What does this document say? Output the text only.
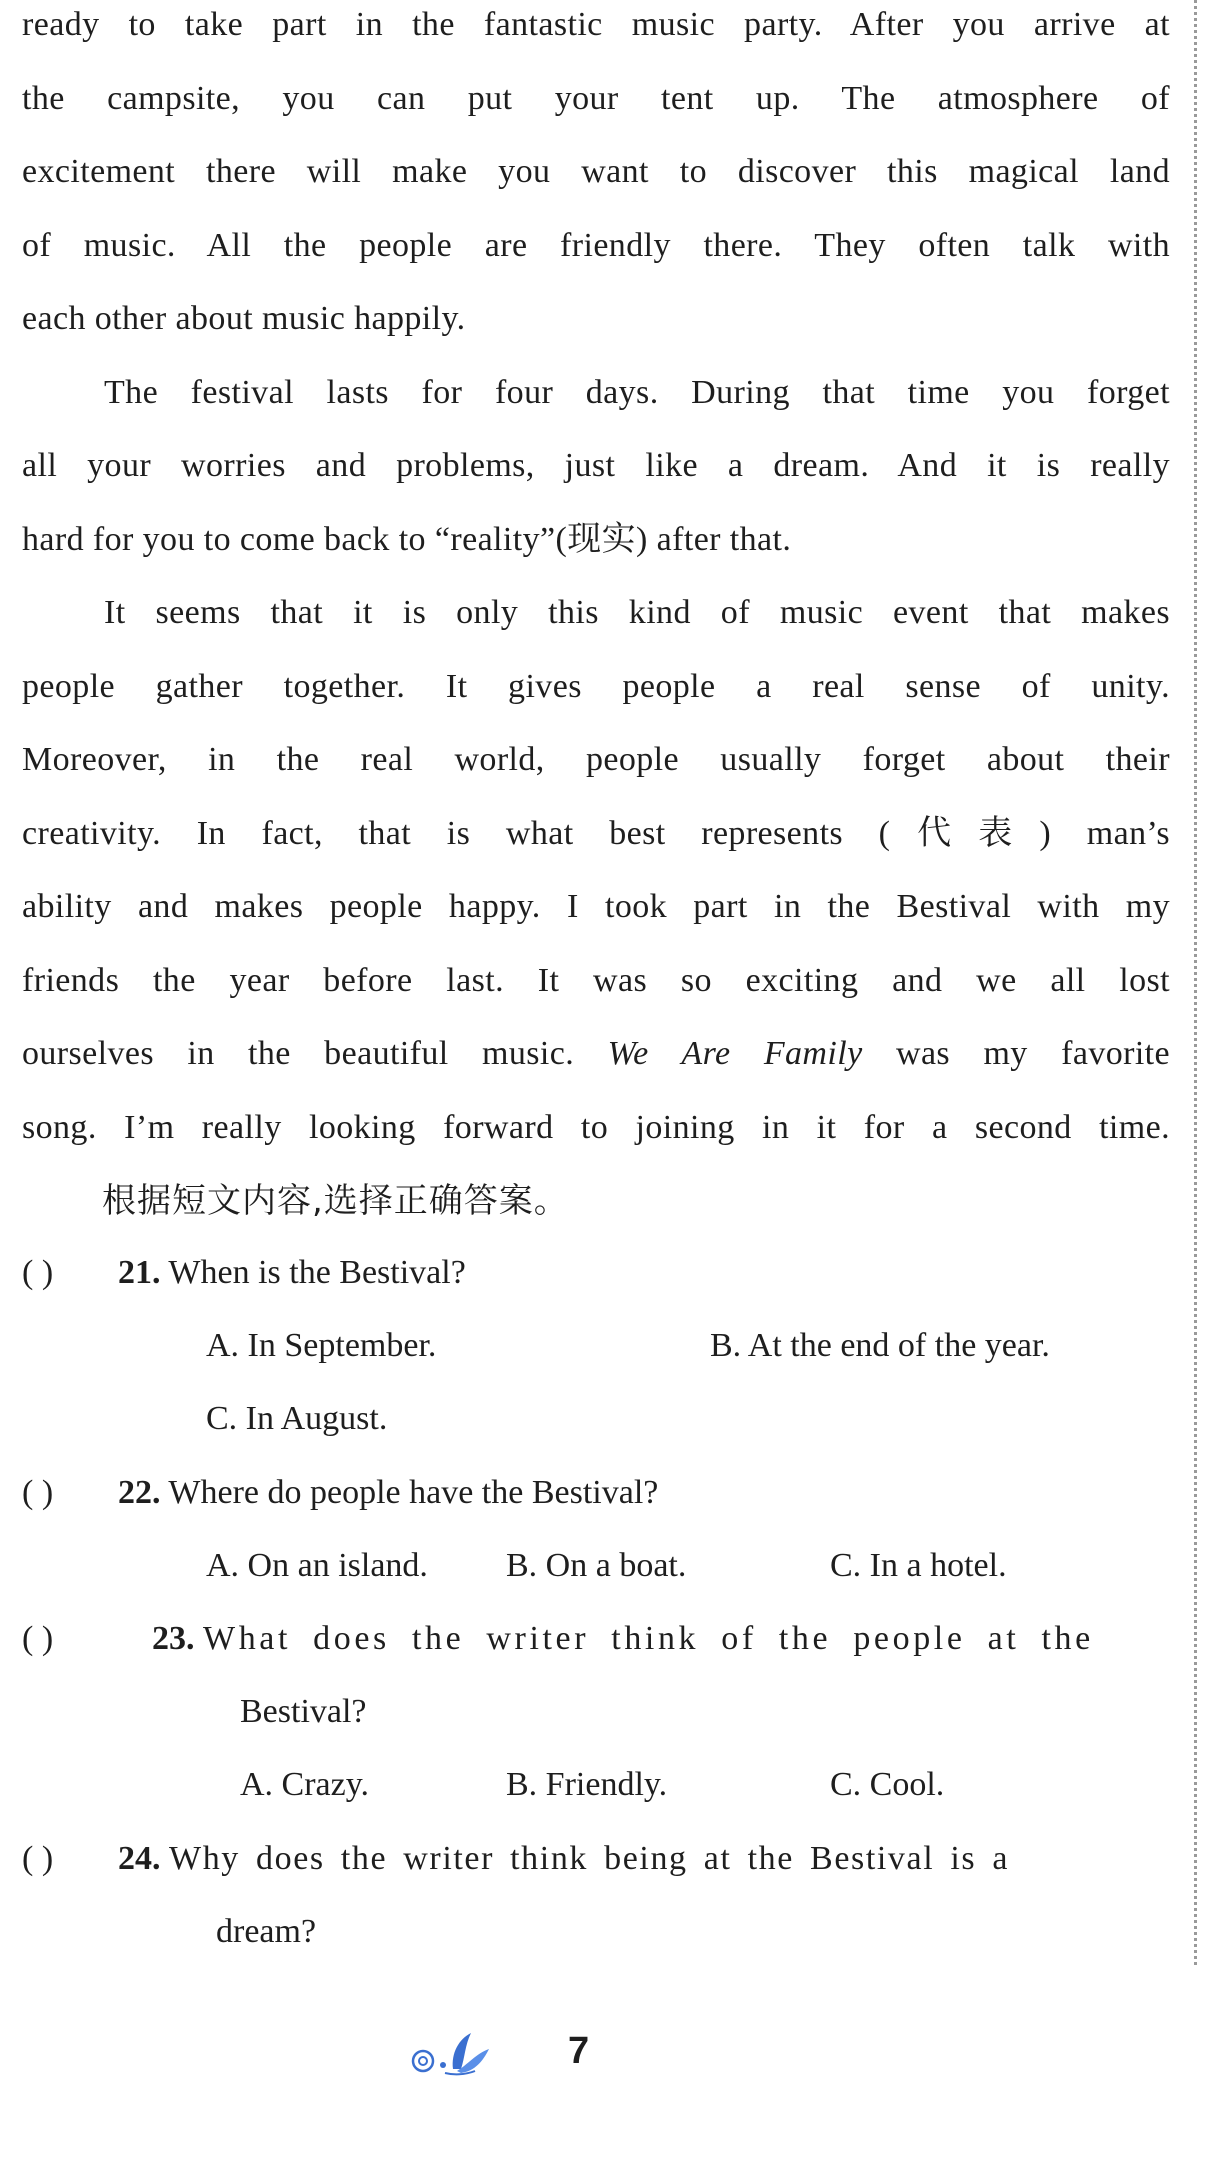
ready to take part in the fantastic music party. After you arrive at
the campsite, you can put your tent up. The atmosphere of
excitement there will make you want to discover this magical land
of music. All the people are friendly there. They often talk with
each other about music happily.
The festival lasts for four days. During that time you forget
all your worries and problems, just like a dream. And it is really
hard for you to come back to “reality”(现实) after that.
It seems that it is only this kind of music event that makes
people gather together. It gives people a real sense of unity.
Moreover, in the real world, people usually forget about their
creativity. In fact, that is what best represents (代表) man’s
ability and makes people happy. I took part in the Bestival with my
friends the year before last. It was so exciting and we all lost
ourselves in the beautiful music. We Are Family was my favorite
song. I’m really looking forward to joining in it for a second time.
根据短文内容,选择正确答案。
( ) 21. When is the Bestival?
A. In September.	B. At the end of the year.
C. In August.
( ) 22. Where do people have the Bestival?
A. On an island. B. On a boat.	C. In a hotel.
( )	23. What does the writer think of the people at the
Bestival?
A. Crazy.	B. Friendly.	C. Cool.
( ) 24. Why does the writer think being at the Bestival is a
dream?
7
